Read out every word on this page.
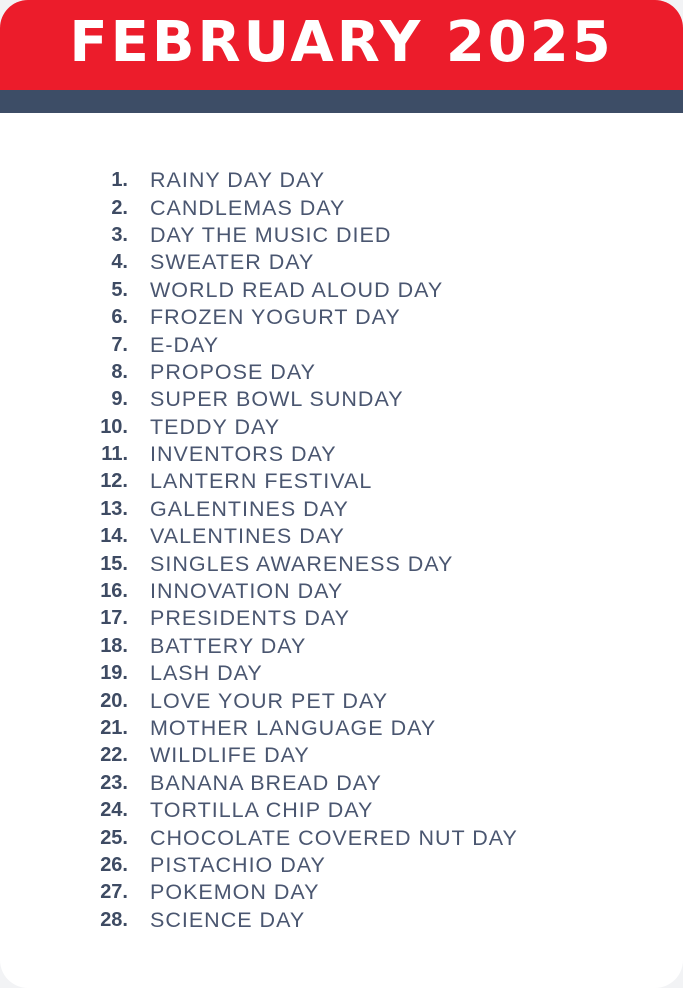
FEBRUARY 2025
1. RAINY DAY DAY
2. CANDLEMAS DAY
3. DAY THE MUSIC DIED
4. SWEATER DAY
5. WORLD READ ALOUD DAY
6. FROZEN YOGURT DAY
7. E-DAY
8. PROPOSE DAY
9. SUPER BOWL SUNDAY
10. TEDDY DAY
11. INVENTORS DAY
12. LANTERN FESTIVAL
13. GALENTINES DAY
14. VALENTINES DAY
15. SINGLES AWARENESS DAY
16. INNOVATION DAY
17. PRESIDENTS DAY
18. BATTERY DAY
19. LASH DAY
20. LOVE YOUR PET DAY
21. MOTHER LANGUAGE DAY
22. WILDLIFE DAY
23. BANANA BREAD DAY
24. TORTILLA CHIP DAY
25. CHOCOLATE COVERED NUT DAY
26. PISTACHIO DAY
27. POKEMON DAY
28. SCIENCE DAY
